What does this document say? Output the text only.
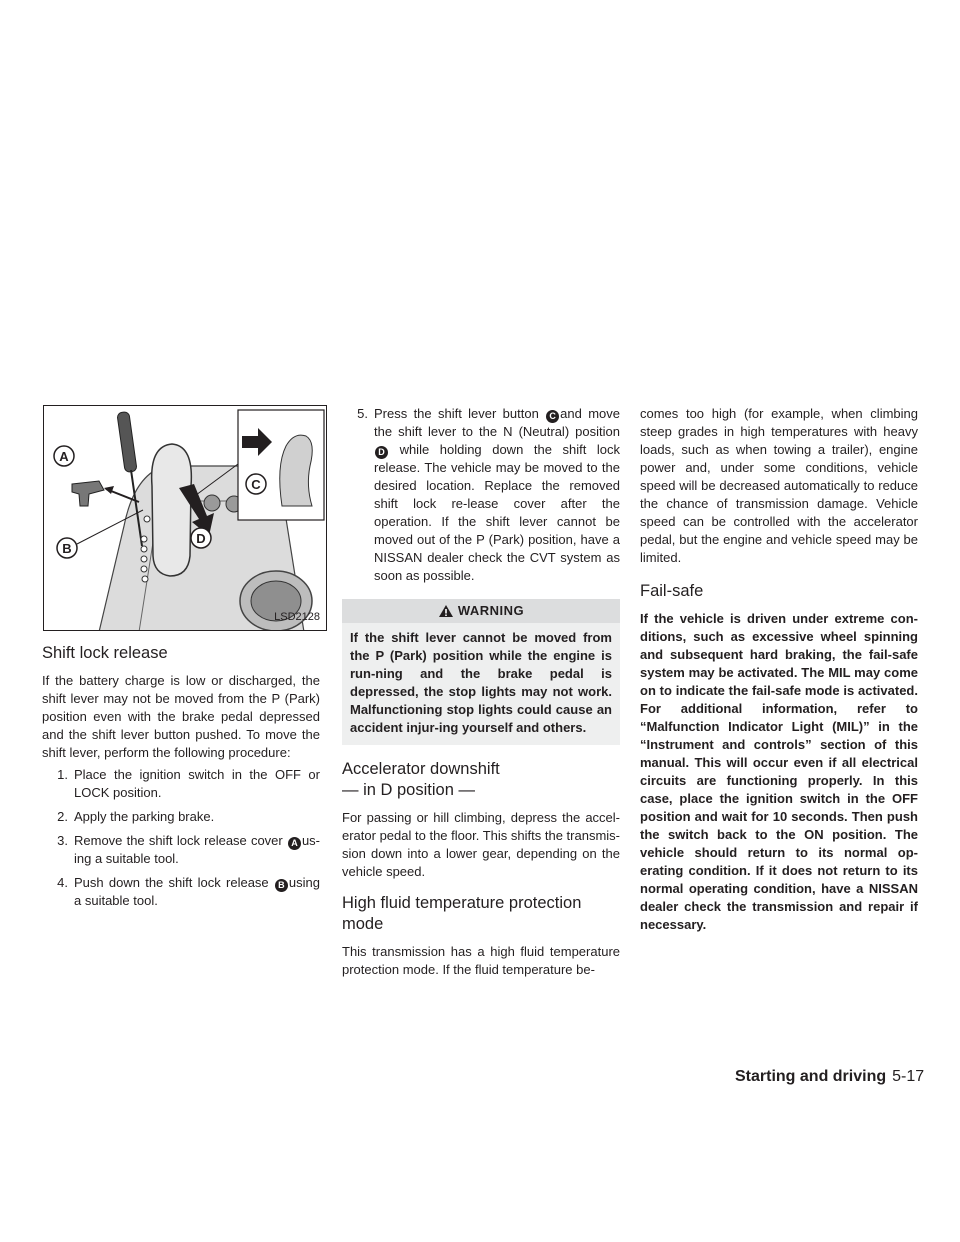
A
B
C
D
LSD2128
Shift lock release

If the battery charge is low or discharged, the shift lever may not be moved from the P (Park) position even with the brake pedal depressed and the shift lever button pushed. To move the shift lever, perform the following procedure:

1. Place the ignition switch in the OFF or LOCK position.
2. Apply the parking brake.
3. Remove the shift lock release cover A us-ing a suitable tool.
4. Push down the shift lock release B using a suitable tool.
5. Press the shift lever button C and move the shift lever to the N (Neutral) position D while holding down the shift lock release. The vehicle may be moved to the desired location. Replace the removed shift lock re-lease cover after the operation. If the shift lever cannot be moved out of the P (Park) position, have a NISSAN dealer check the CVT system as soon as possible.
WARNING
If the shift lever cannot be moved from the P (Park) position while the engine is run-ning and the brake pedal is depressed, the stop lights may not work. Malfunctioning stop lights could cause an accident injur-ing yourself and others.
Accelerator downshift
— in D position —

For passing or hill climbing, depress the accel-erator pedal to the floor. This shifts the transmis-sion down into a lower gear, depending on the vehicle speed.

High fluid temperature protection
mode

This transmission has a high fluid temperature protection mode. If the fluid temperature be-

comes too high (for example, when climbing steep grades in high temperatures with heavy loads, such as when towing a trailer), engine power and, under some conditions, vehicle speed will be decreased automatically to reduce the chance of transmission damage. Vehicle speed can be controlled with the accelerator pedal, but the engine and vehicle speed may be limited.

Fail-safe

If the vehicle is driven under extreme con-ditions, such as excessive wheel spinning and subsequent hard braking, the fail-safe system may be activated. The MIL may come on to indicate the fail-safe mode is activated. For additional information, refer to “Malfunction Indicator Light (MIL)” in the “Instrument and controls” section of this manual. This will occur even if all electrical circuits are functioning properly. In this case, place the ignition switch in the OFF position and wait for 10 seconds. Then push the switch back to the ON position. The vehicle should return to its normal op-erating condition. If it does not return to its normal operating condition, have a NISSAN dealer check the transmission and repair if necessary.

Starting and driving 5-17
